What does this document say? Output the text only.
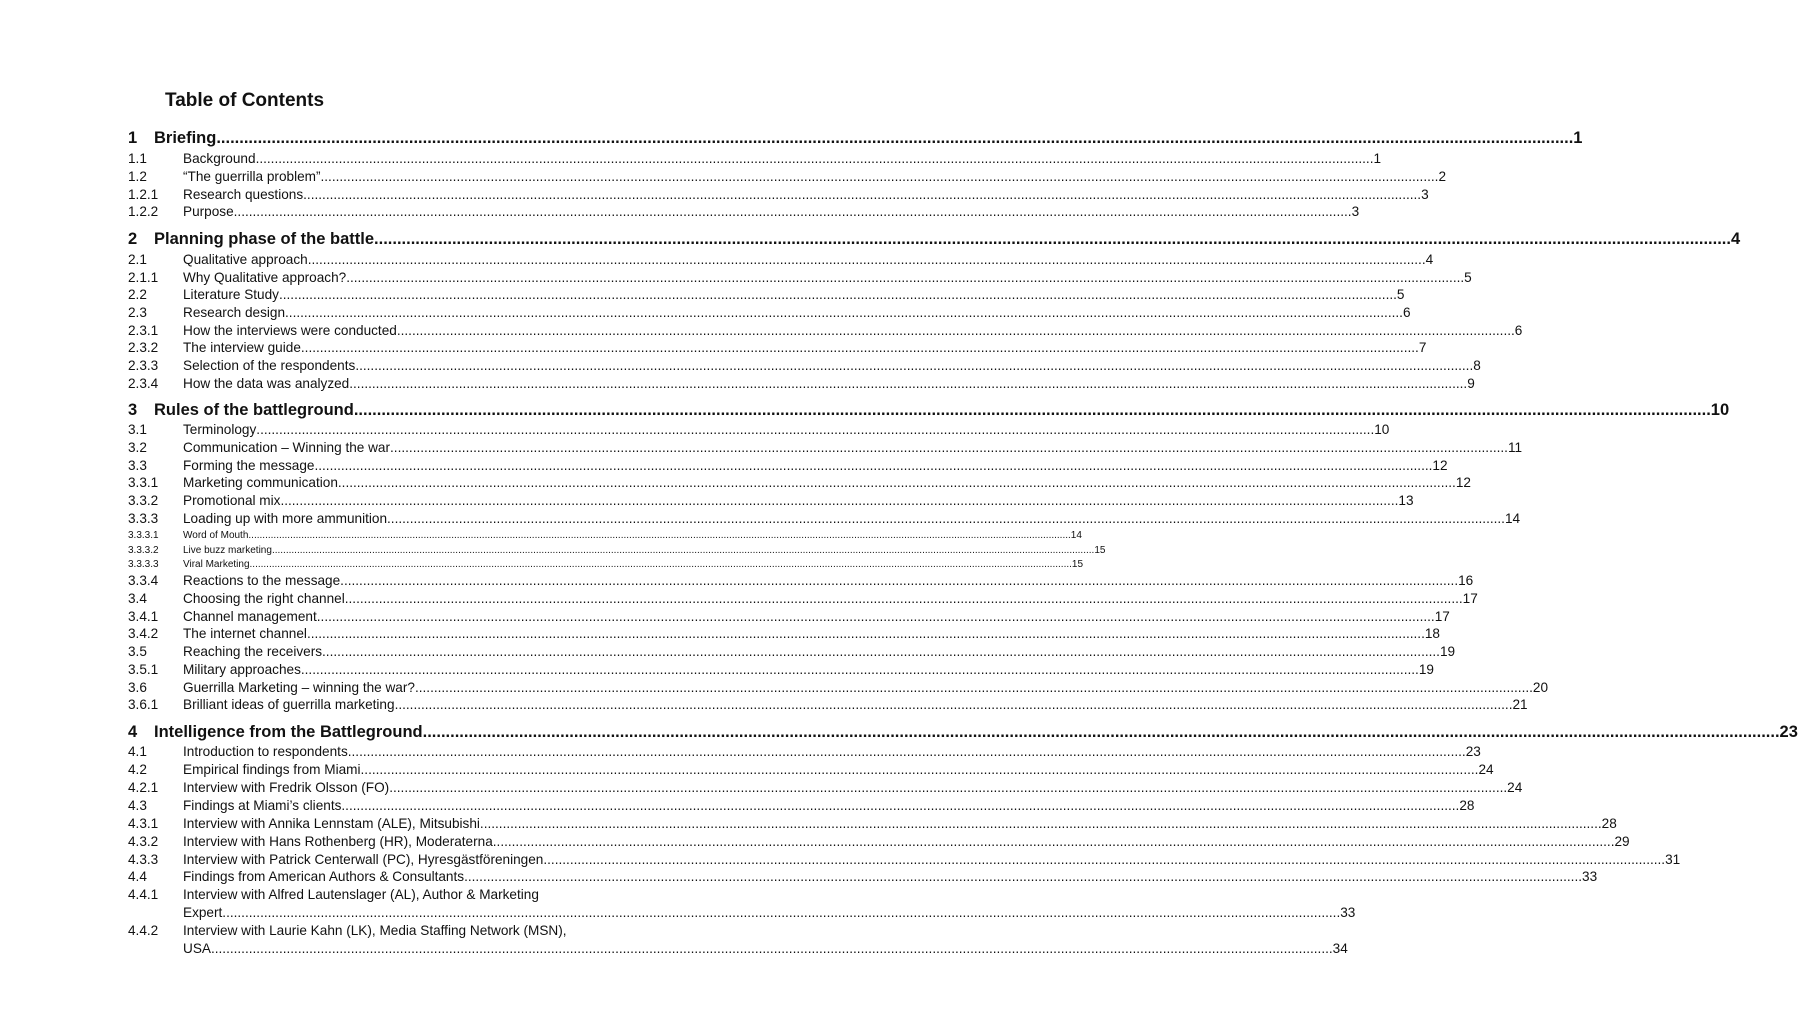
Table of Contents
1	Briefing .....	1
1.1	Background .....	1
1.2	“The guerrilla problem” .....	2
1.2.1	Research questions .....	3
1.2.2	Purpose .....	3
2	Planning phase of the battle .....	4
2.1	Qualitative approach .....	4
2.1.1	Why Qualitative approach? .....	5
2.2	Literature Study .....	5
2.3	Research design .....	6
2.3.1	How the interviews were conducted .....	6
2.3.2	The interview guide .....	7
2.3.3	Selection of the respondents .....	8
2.3.4	How the data was analyzed .....	9
3	Rules of the battleground .....	10
3.1	Terminology .....	10
3.2	Communication – Winning the war .....	11
3.3	Forming the message .....	12
3.3.1	Marketing communication .....	12
3.3.2	Promotional mix .....	13
3.3.3	Loading up with more ammunition .....	14
3.3.3.1	Word of Mouth .....	14
3.3.3.2	Live buzz marketing .....	15
3.3.3.3	Viral Marketing .....	15
3.3.4	Reactions to the message .....	16
3.4	Choosing the right channel .....	17
3.4.1	Channel management .....	17
3.4.2	The internet channel .....	18
3.5	Reaching the receivers .....	19
3.5.1	Military approaches .....	19
3.6	Guerrilla Marketing – winning the war? .....	20
3.6.1	Brilliant ideas of guerrilla marketing .....	21
4	Intelligence from the Battleground .....	23
4.1	Introduction to respondents .....	23
4.2	Empirical findings from Miami .....	24
4.2.1	Interview with Fredrik Olsson (FO) .....	24
4.3	Findings at Miami’s clients .....	28
4.3.1	Interview with Annika Lennstam (ALE), Mitsubishi. .....	28
4.3.2	Interview with Hans Rothenberg (HR), Moderaterna. .....	29
4.3.3	Interview with Patrick Centerwall (PC), Hyresgästföreningen. .....	31
4.4	Findings from American Authors & Consultants .....	33
4.4.1	Interview with Alfred Lautenslager (AL), Author & Marketing
Expert .....	33
4.4.2	Interview with Laurie Kahn (LK), Media Staffing Network (MSN),
USA. .....	34
